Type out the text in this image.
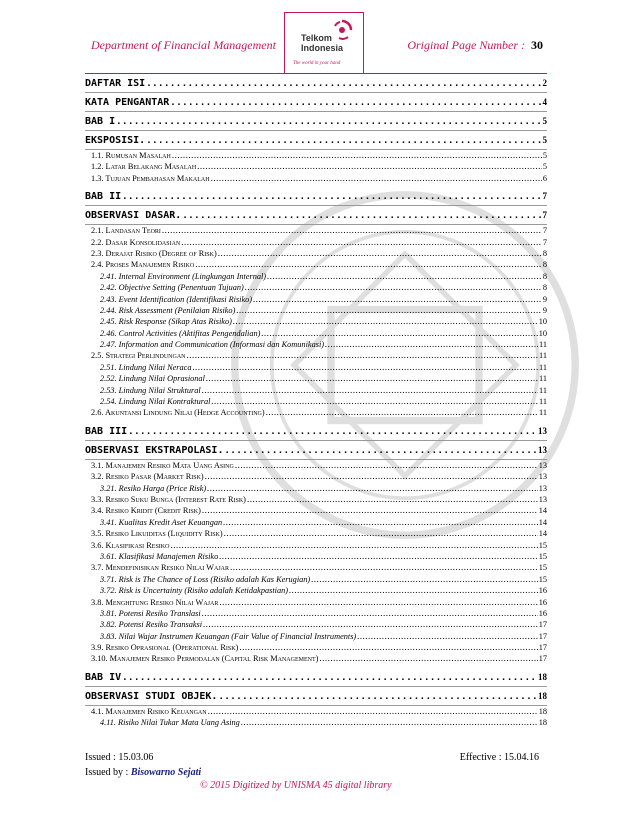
Department of Financial Management	Telkom
Indonesia
The world in your hand
Original Page Number : 30
DAFTAR ISI .....	2
KATA PENGANTAR .....	4
BAB I .....	5
EKSPOSISI. .....	5
1.1. Rumusan Masalah .....	5
1.2. Latar Belakang Masalah .....	5
1.3. Tujuan Pembahasan Makalah .....	6
BAB II .....	7
OBSERVASI DASAR. .....	7
2.1. Landasan Teori .....	7
2.2. Dasar Konsolidasian .....	7
2.3. Derajat Risiko (Degree of Risk) .....	8
2.4. Proses Manajemen Risiko .....	8
2.41. Internal Environment (Lingkungan Internal) .....	8
2.42. Objective Setting (Penentuan Tujuan) .....	8
2.43. Event Identification (Identifikasi Risiko) .....	9
2.44. Risk Assessment (Penilaian Risiko) .....	9
2.45. Risk Response (Sikap Atas Risiko) .....	10
2.46. Control Activities (Aktifitas Pengendalian) .....	10
2.47. Information and Communication (Informasi dan Komunikasi) .....	11
2.5. Strategi Perlindungan .....	11
2.51. Lindung Nilai Neraca .....	11
2.52. Lindung Nilai Oprasional .....	11
2.53. Lindung Nilai Struktural .....	11
2.54. Lindung Nilai Kontraktural .....	11
2.6. Akuntansi Lindung Nilai (Hedge Accounting) .....	11
BAB III .....	13
OBSERVASI EKSTRAPOLASI. .....	13
3.1. Manajemen Resiko Mata Uang Asing .....	13
3.2. Resiko Pasar (Market Risk) .....	13
3.21. Resiko Harga (Price Risk) .....	13
3.3. Resiko Suku Bunga (Interest Rate Risk) .....	13
3.4. Resiko Kridit (Credit Risk) .....	14
3.41. Kualitas Kredit Aset Keuangan .....	14
3.5. Resiko Likuiditas (Liquidity Risk) .....	14
3.6. Klasifikasi Resiko .....	15
3.61. Klasifikasi Manajemen Risiko .....	15
3.7. Mendefinisikan Resiko Nilai Wajar .....	15
3.71. Risk is The Chance of Loss (Risiko adalah Kas Kerugian) .....	15
3.72. Risk is Uncertainty (Risiko adalah Ketidakpastian) .....	16
3.8. Menghitung Resiko Nilai Wajar .....	16
3.81. Potensi Resiko Translasi .....	16
3.82. Potensi Resiko Transaksi .....	17
3.83. Nilai Wajar Instrumen Keuangan (Fair Value of Financial Instruments) .....	17
3.9. Resiko Oprasional (Operational Risk) .....	17
3.10. Manajemen Resiko Permodalan (Capital Risk Management) .....	17
BAB IV .....	18
OBSERVASI STUDI OBJEK. .....	18
4.1. Manajemen Risiko Keuangan .....	18
4.11. Risiko Nilai Tukar Mata Uang Asing .....	18
Issued : 15.03.06	Effective : 15.04.16
Issued by : Bisowarno Sejati
© 2015 Digitized by UNISMA 45 digital library
